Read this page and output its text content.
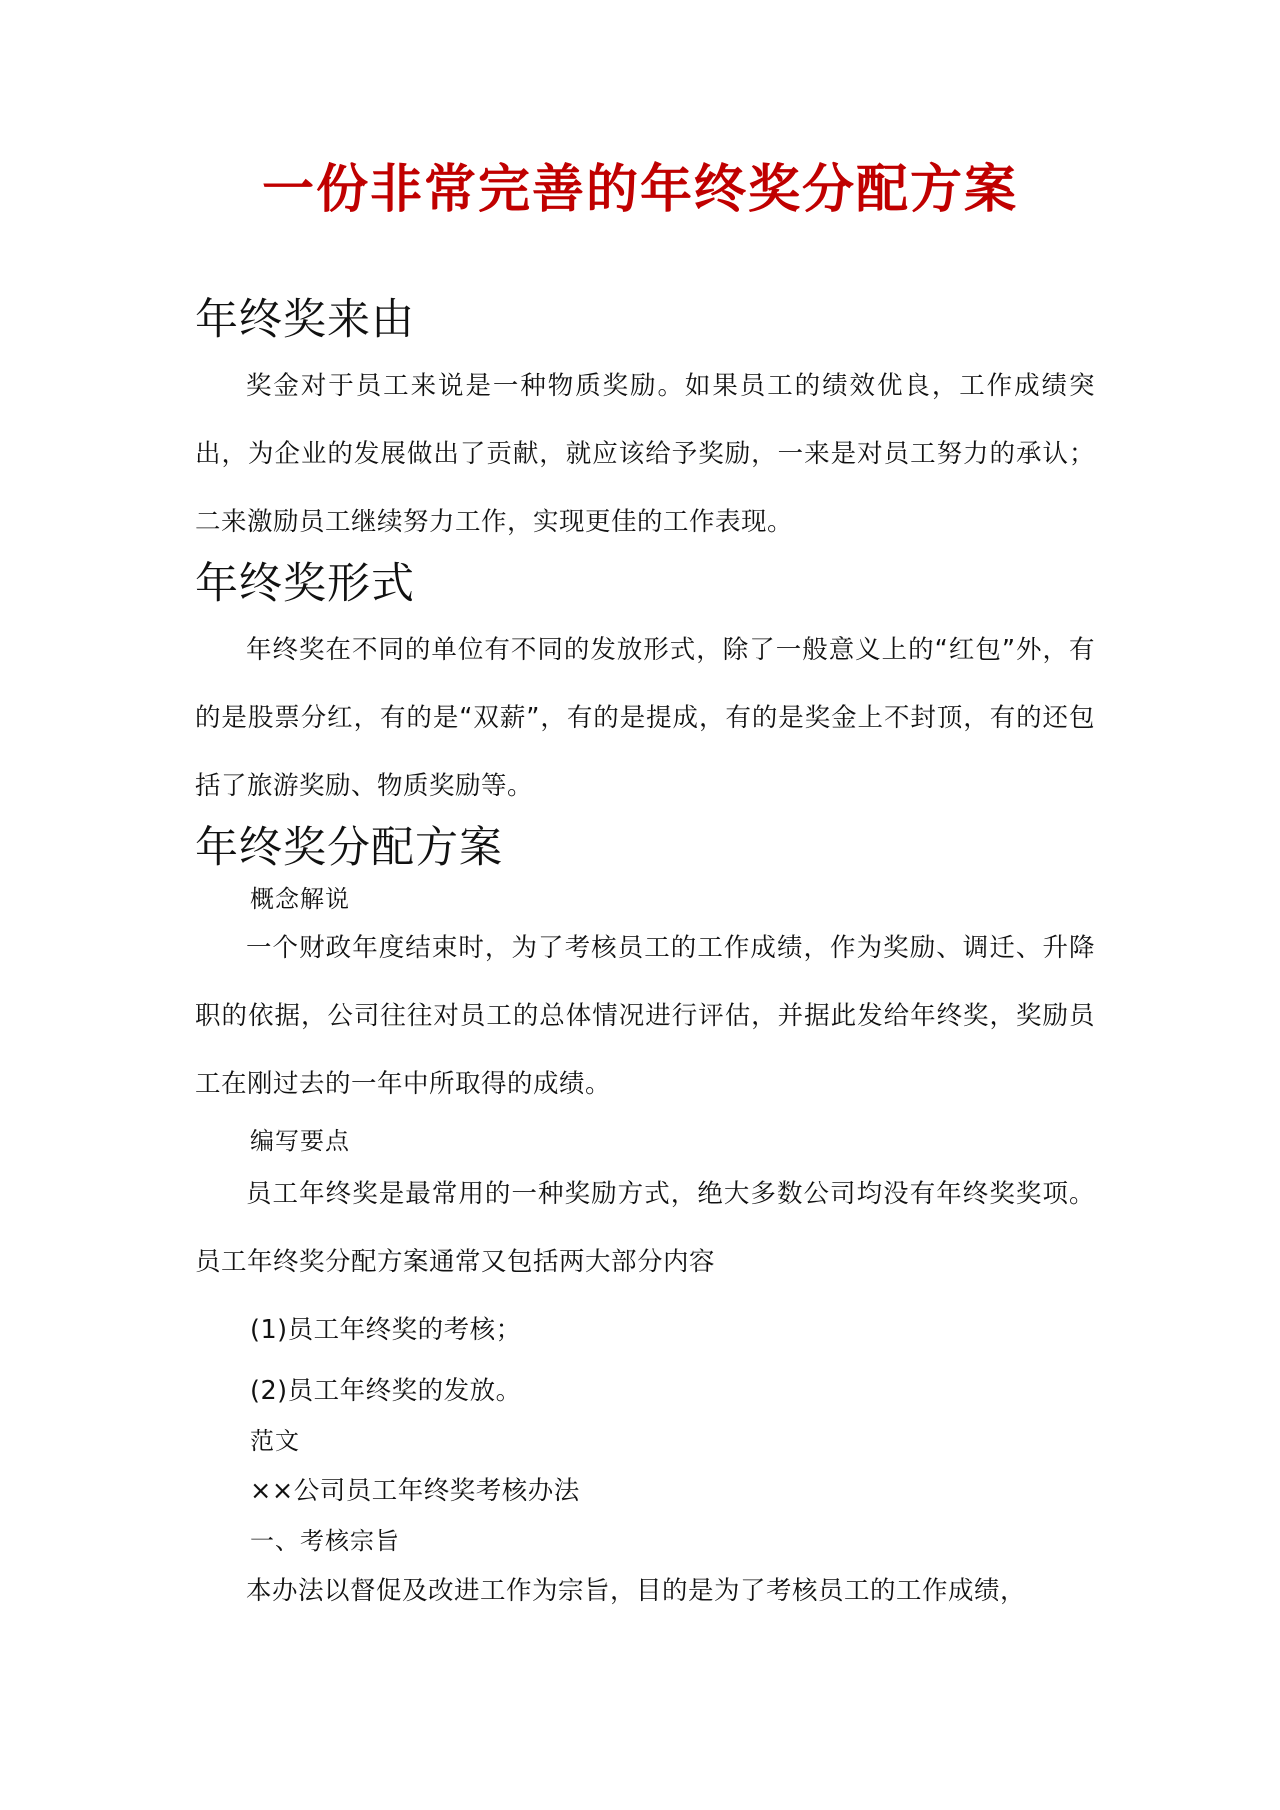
一份非常完善的年终奖分配方案
年终奖来由

奖金对于员工来说是一种物质奖励。如果员工的绩效优良，工作成绩突出，为企业的发展做出了贡献，就应该给予奖励，一来是对员工努力的承认；二来激励员工继续努力工作，实现更佳的工作表现。

年终奖形式

年终奖在不同的单位有不同的发放形式，除了一般意义上的“红包”外，有的是股票分红，有的是“双薪”，有的是提成，有的是奖金上不封顶，有的还包括了旅游奖励、物质奖励等。

年终奖分配方案

概念解说

一个财政年度结束时，为了考核员工的工作成绩，作为奖励、调迁、升降职的依据，公司往往对员工的总体情况进行评估，并据此发给年终奖，奖励员工在刚过去的一年中所取得的成绩。

编写要点

员工年终奖是最常用的一种奖励方式，绝大多数公司均没有年终奖奖项。员工年终奖分配方案通常又包括两大部分内容

(1)员工年终奖的考核；

(2)员工年终奖的发放。

范文

××公司员工年终奖考核办法

一、考核宗旨

本办法以督促及改进工作为宗旨，目的是为了考核员工的工作成绩，
